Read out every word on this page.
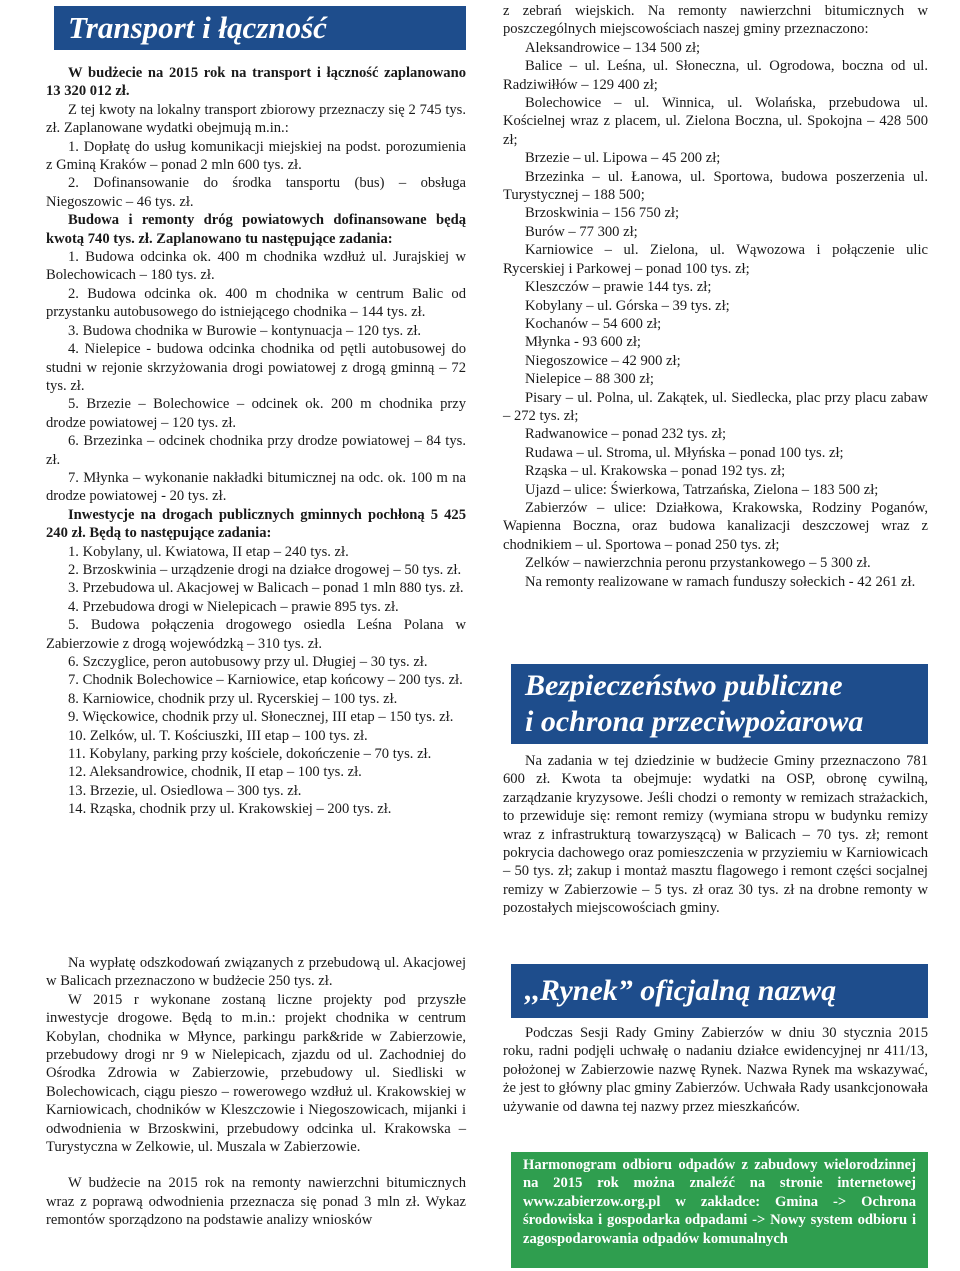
Transport i łączność

W budżecie na 2015 rok na transport i łączność zaplanowano 13 320 012 zł.

Z tej kwoty na lokalny transport zbiorowy przeznaczy się 2 745 tys. zł. Zaplanowane wydatki obejmują m.in.:

1. Dopłatę do usług komunikacji miejskiej na podst. porozumienia z Gminą Kraków – ponad 2 mln 600 tys. zł.

2. Dofinansowanie do środka tansportu (bus) – obsługa Niegoszowic – 46 tys. zł.

Budowa i remonty dróg powiatowych dofinansowane będą kwotą 740 tys. zł. Zaplanowano tu następujące zadania:

1. Budowa odcinka ok. 400 m chodnika wzdłuż ul. Jurajskiej w Bolechowicach – 180 tys. zł.

2. Budowa odcinka ok. 400 m chodnika w centrum Balic od przystanku autobusowego do istniejącego chodnika – 144 tys. zł.

3. Budowa chodnika w Burowie – kontynuacja – 120 tys. zł.

4. Nielepice - budowa odcinka chodnika od pętli autobusowej do studni w rejonie skrzyżowania drogi powiatowej z drogą gminną – 72 tys. zł.

5. Brzezie – Bolechowice – odcinek ok. 200 m chodnika przy drodze powiatowej – 120 tys. zł.

6. Brzezinka – odcinek chodnika przy drodze powiatowej – 84 tys. zł.

7. Młynka – wykonanie nakładki bitumicznej na odc. ok. 100 m na drodze powiatowej - 20 tys. zł.

Inwestycje na drogach publicznych gminnych pochłoną 5 425 240 zł. Będą to następujące zadania:

1. Kobylany, ul. Kwiatowa, II etap – 240 tys. zł.

2. Brzoskwinia – urządzenie drogi na działce drogowej – 50 tys. zł.

3. Przebudowa ul. Akacjowej w Balicach – ponad 1 mln 880 tys. zł.

4. Przebudowa drogi w Nielepicach – prawie 895 tys. zł.

5. Budowa połączenia drogowego osiedla Leśna Polana w Zabierzowie z drogą wojewódzką – 310 tys. zł.

6. Szczyglice, peron autobusowy przy ul. Długiej – 30 tys. zł.

7. Chodnik Bolechowice – Karniowice, etap końcowy – 200 tys. zł.

8. Karniowice, chodnik przy ul. Rycerskiej – 100 tys. zł.

9. Więckowice, chodnik przy ul. Słonecznej, III etap – 150 tys. zł.

10. Zelków, ul. T. Kościuszki, III etap – 100 tys. zł.

11. Kobylany, parking przy kościele, dokończenie – 70 tys. zł.

12. Aleksandrowice, chodnik, II etap – 100 tys. zł.

13. Brzezie, ul. Osiedlowa – 300 tys. zł.

14. Rząska, chodnik przy ul. Krakowskiej – 200 tys. zł.

Na wypłatę odszkodowań związanych z przebudową ul. Akacjowej w Balicach przeznaczono w budżecie 250 tys. zł.

W 2015 r wykonane zostaną liczne projekty pod przyszłe inwestycje drogowe. Będą to m.in.: projekt chodnika w centrum Kobylan, chodnika w Młynce, parkingu park&ride w Zabierzowie, przebudowy drogi nr 9 w Nielepicach, zjazdu od ul. Zachodniej do Ośrodka Zdrowia w Zabierzowie, przebudowy ul. Siedliski w Bolechowicach, ciągu pieszo – rowerowego wzdłuż ul. Krakowskiej w Karniowicach, chodników w Kleszczowie i Niegoszowicach, mijanki i odwodnienia w Brzoskwini, przebudowy odcinka ul. Krakowska – Turystyczna w Zelkowie, ul. Muszala w Zabierzowie.

W budżecie na 2015 rok na remonty nawierzchni bitumicznych wraz z poprawą odwodnienia przeznacza się ponad 3 mln zł. Wykaz remontów sporządzono na podstawie analizy wniosków

z zebrań wiejskich. Na remonty nawierzchni bitumicznych w poszczególnych miejscowościach naszej gminy przeznaczono:

Aleksandrowice – 134 500 zł;

Balice – ul. Leśna, ul. Słoneczna, ul. Ogrodowa, boczna od ul. Radziwiłłów – 129 400 zł;

Bolechowice – ul. Winnica, ul. Wolańska, przebudowa ul. Kościelnej wraz z placem, ul. Zielona Boczna, ul. Spokojna – 428 500 zł;

Brzezie – ul. Lipowa – 45 200 zł;

Brzezinka – ul. Łanowa, ul. Sportowa, budowa poszerzenia ul. Turystycznej – 188 500;

Brzoskwinia – 156 750 zł;

Burów – 77 300 zł;

Karniowice – ul. Zielona, ul. Wąwozowa i połączenie ulic Rycerskiej i Parkowej – ponad 100 tys. zł;

Kleszczów – prawie 144 tys. zł;

Kobylany – ul. Górska – 39 tys. zł;

Kochanów – 54 600 zł;

Młynka - 93 600 zł;

Niegoszowice – 42 900 zł;

Nielepice – 88 300 zł;

Pisary – ul. Polna, ul. Zakątek, ul. Siedlecka, plac przy placu zabaw – 272 tys. zł;

Radwanowice – ponad 232 tys. zł;

Rudawa – ul. Stroma, ul. Młyńska – ponad 100 tys. zł;

Rząska – ul. Krakowska – ponad 192 tys. zł;

Ujazd – ulice: Świerkowa, Tatrzańska, Zielona – 183 500 zł;

Zabierzów – ulice: Działkowa, Krakowska, Rodziny Poganów, Wapienna Boczna, oraz budowa kanalizacji deszczowej wraz z chodnikiem – ul. Sportowa – ponad 250 tys. zł;

Zelków – nawierzchnia peronu przystankowego – 5 300 zł.

Na remonty realizowane w ramach funduszy sołeckich - 42 261 zł.

Bezpieczeństwo publiczne
i ochrona przeciwpożarowa

Na zadania w tej dziedzinie w budżecie Gminy przeznaczono 781 600 zł. Kwota ta obejmuje: wydatki na OSP, obronę cywilną, zarządzanie kryzysowe. Jeśli chodzi o remonty w remizach strażackich, to przewiduje się: remont remizy (wymiana stropu w budynku remizy wraz z infrastrukturą towarzyszącą) w Balicach – 70 tys. zł; remont pokrycia dachowego oraz pomieszczenia w przyziemiu w Karniowicach – 50 tys. zł; zakup i montaż masztu flagowego i remont części socjalnej remizy w Zabierzowie – 5 tys. zł oraz 30 tys. zł na drobne remonty w pozostałych miejscowościach gminy.

,,Rynek” oficjalną nazwą

Podczas Sesji Rady Gminy Zabierzów w dniu 30 stycznia 2015 roku, radni podjęli uchwałę o nadaniu działce ewidencyjnej nr 411/13, położonej w Zabierzowie nazwę Rynek. Nazwa Rynek ma wskazywać, że jest to główny plac gminy Zabierzów. Uchwała Rady usankcjonowała używanie od dawna tej nazwy przez mieszkańców.

Harmonogram odbioru odpadów z zabudowy wielorodzinnej na 2015 rok można znaleźć na stronie internetowej www.zabierzow.org.pl w zakładce: Gmina -> Ochrona środowiska i gospodarka odpadami -> Nowy system odbioru i zagospodarowania odpadów komunalnych
